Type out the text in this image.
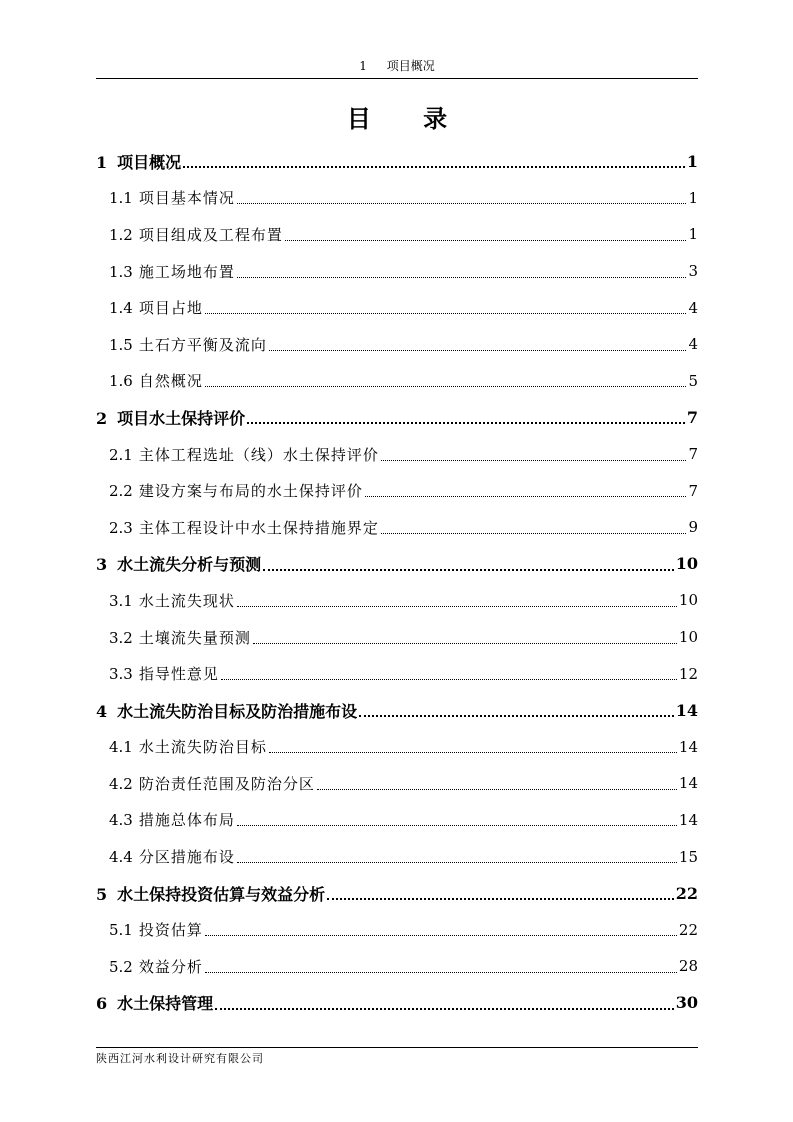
1 项目概况
目 录
1 项目概况	1
1.1 项目基本情况	1
1.2 项目组成及工程布置	1
1.3 施工场地布置	3
1.4 项目占地	4
1.5 土石方平衡及流向	4
1.6 自然概况	5
2 项目水土保持评价	7
2.1 主体工程选址（线）水土保持评价	7
2.2 建设方案与布局的水土保持评价	7
2.3 主体工程设计中水土保持措施界定	9
3 水土流失分析与预测	10
3.1 水土流失现状	10
3.2 土壤流失量预测	10
3.3 指导性意见	12
4 水土流失防治目标及防治措施布设	14
4.1 水土流失防治目标	14
4.2 防治责任范围及防治分区	14
4.3 措施总体布局	14
4.4 分区措施布设	15
5 水土保持投资估算与效益分析	22
5.1 投资估算	22
5.2 效益分析	28
6 水土保持管理	30
陕西江河水利设计研究有限公司
